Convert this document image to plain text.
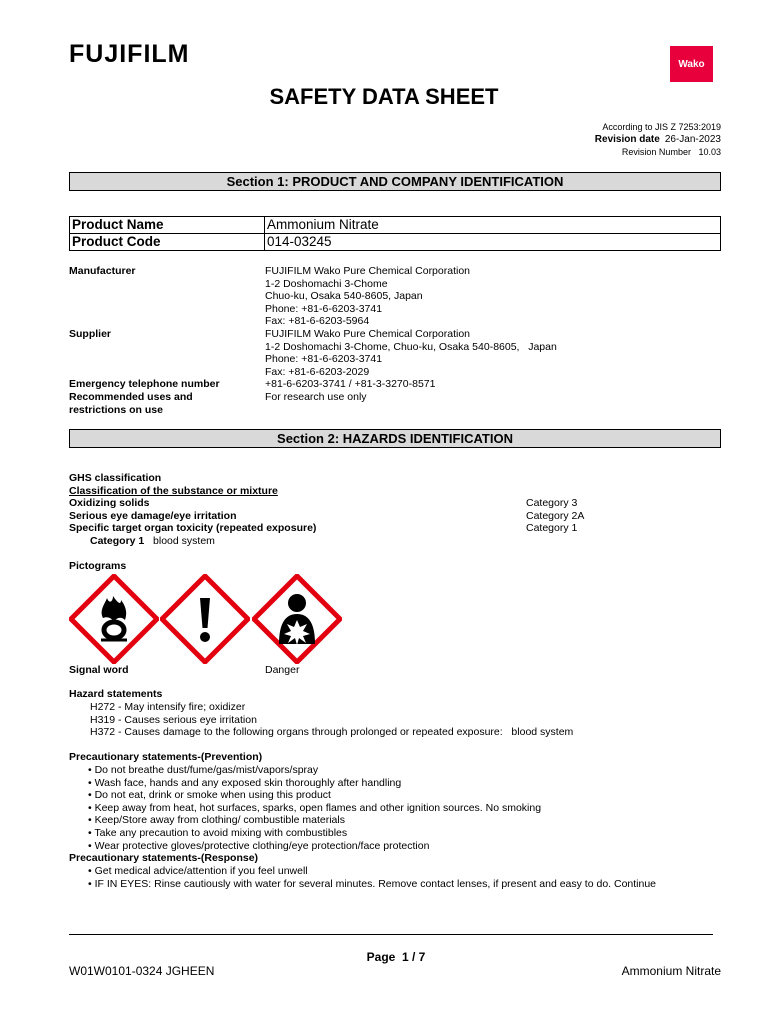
FUJIFILM	Wako
SAFETY DATA SHEET
According to JIS Z 7253:2019
Revision date 26-Jan-2023
Revision Number 10.03
Section 1: PRODUCT AND COMPANY IDENTIFICATION
Product Name	Ammonium Nitrate
Product Code	014-03245
Manufacturer	FUJIFILM Wako Pure Chemical Corporation
1-2 Doshomachi 3-Chome
Chuo-ku, Osaka 540-8605, Japan
Phone: +81-6-6203-3741
Fax: +81-6-6203-5964
Supplier	FUJIFILM Wako Pure Chemical Corporation
1-2 Doshomachi 3-Chome, Chuo-ku, Osaka 540-8605,   Japan
Phone: +81-6-6203-3741
Fax: +81-6-6203-2029
Emergency telephone number	+81-6-6203-3741 / +81-3-3270-8571
Recommended uses and
restrictions on use
For research use only
Section 2: HAZARDS IDENTIFICATION
GHS classification
Classification of the substance or mixture
Oxidizing solids	Category 3
Serious eye damage/eye irritation	Category 2A
Specific target organ toxicity (repeated exposure)	Category 1
Category 1 blood system
Pictograms
Signal word	Danger
Hazard statements
H272 - May intensify fire; oxidizer
H319 - Causes serious eye irritation
H372 - Causes damage to the following organs through prolonged or repeated exposure:   blood system
Precautionary statements-(Prevention)
• Do not breathe dust/fume/gas/mist/vapors/spray
• Wash face, hands and any exposed skin thoroughly after handling
• Do not eat, drink or smoke when using this product
• Keep away from heat, hot surfaces, sparks, open flames and other ignition sources. No smoking
• Keep/Store away from clothing/ combustible materials
• Take any precaution to avoid mixing with combustibles
• Wear protective gloves/protective clothing/eye protection/face protection
Precautionary statements-(Response)
• Get medical advice/attention if you feel unwell
• IF IN EYES: Rinse cautiously with water for several minutes. Remove contact lenses, if present and easy to do. Continue
Page 1 / 7
W01W0101-0324 JGHEEN	Ammonium Nitrate
